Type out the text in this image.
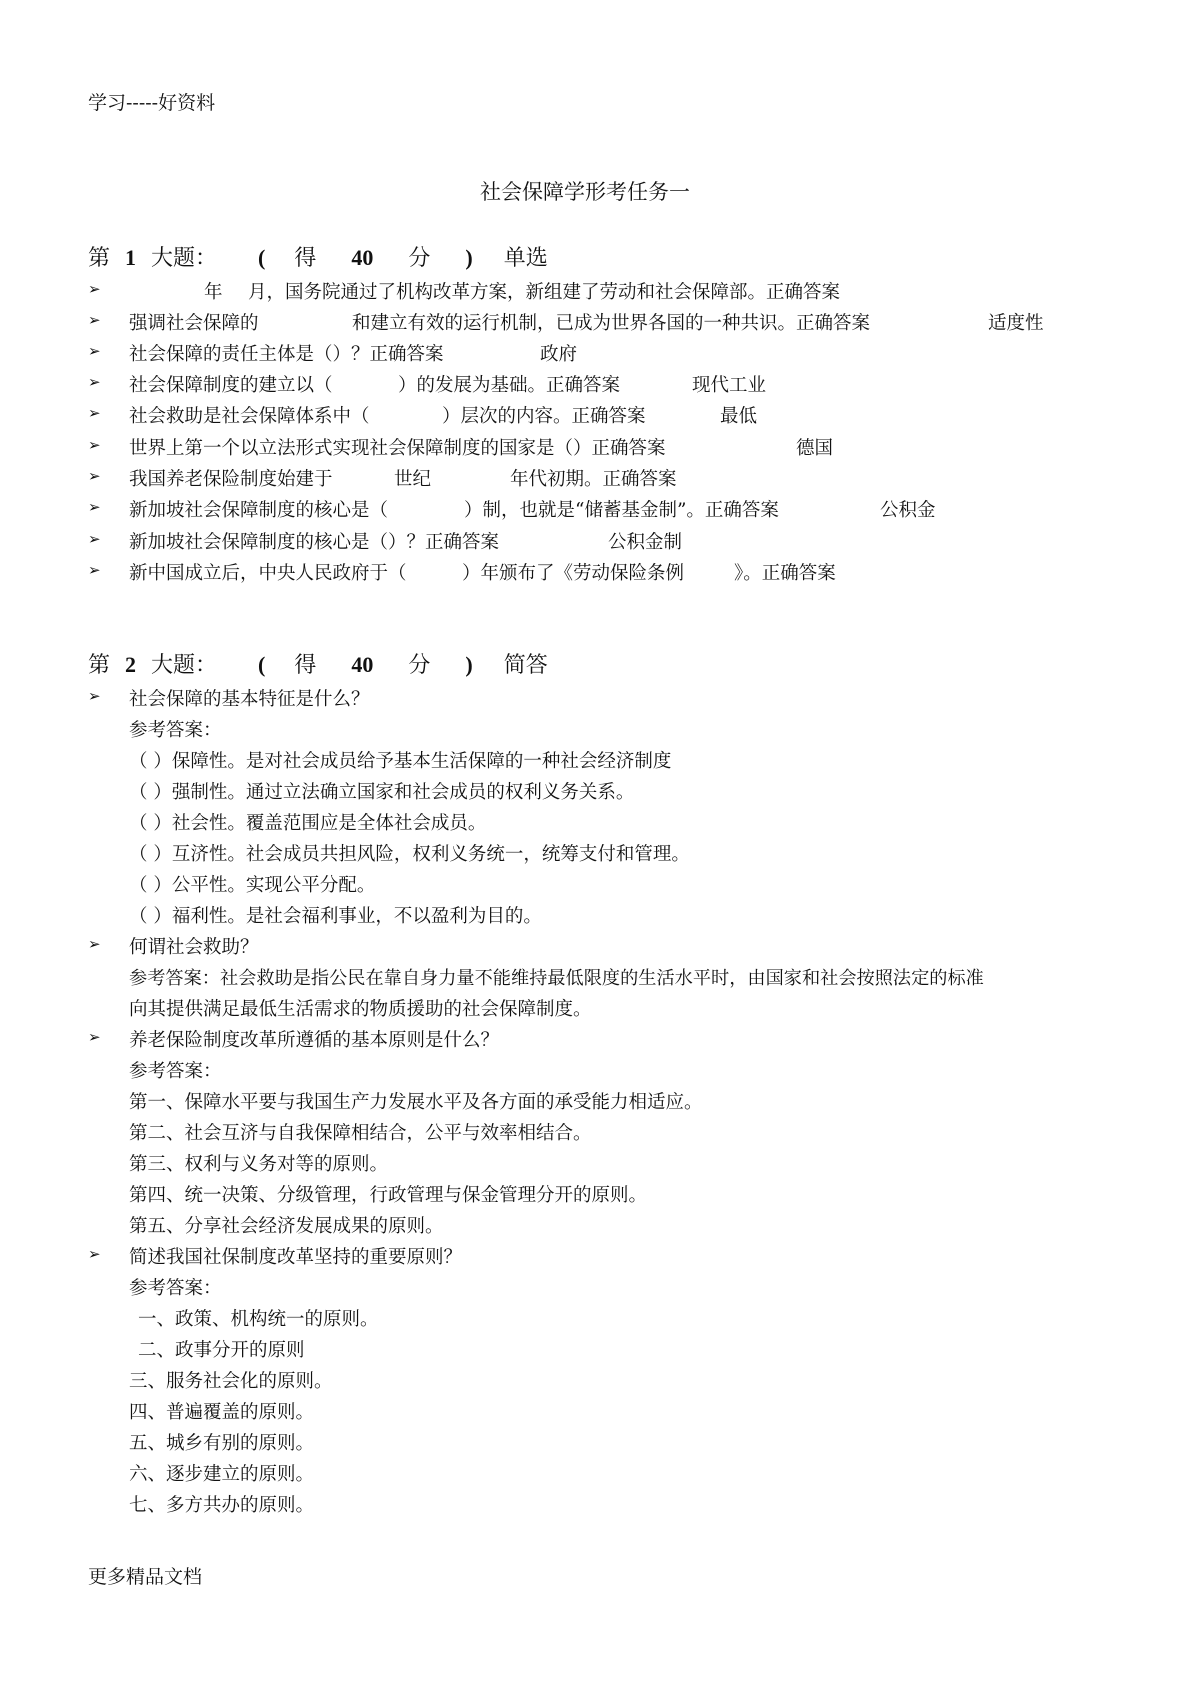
学习-----好资料
社会保障学形考任务一
第 1 大题： ( 得 40 分 ) 单选
➢	年 月，国务院通过了机构改革方案，新组建了劳动和社会保障部。正确答案
➢ 强调社会保障的	和建立有效的运行机制，已成为世界各国的一种共识。正确答案	适度性
➢ 社会保障的责任主体是（）？正确答案	政府
➢ 社会保障制度的建立以（	）的发展为基础。正确答案	现代工业
➢ 社会救助是社会保障体系中（	）层次的内容。正确答案	最低
➢ 世界上第一个以立法形式实现社会保障制度的国家是（）正确答案	德国
➢ 我国养老保险制度始建于	世纪	年代初期。正确答案
➢ 新加坡社会保障制度的核心是（	）制，也就是“储蓄基金制”。正确答案	公积金
➢ 新加坡社会保障制度的核心是（）？正确答案	公积金制
➢ 新中国成立后，中央人民政府于（	）年颁布了《劳动保险条例	》。正确答案
第 2 大题： ( 得 40 分 ) 简答
➢ 社会保障的基本特征是什么？
参考答案：
（ ）保障性。是对社会成员给予基本生活保障的一种社会经济制度
（ ）强制性。通过立法确立国家和社会成员的权利义务关系。
（ ）社会性。覆盖范围应是全体社会成员。
（ ）互济性。社会成员共担风险，权利义务统一，统筹支付和管理。
（ ）公平性。实现公平分配。
（ ）福利性。是社会福利事业，不以盈利为目的。
➢ 何谓社会救助？
参考答案：社会救助是指公民在靠自身力量不能维持最低限度的生活水平时，由国家和社会按照法定的标准
向其提供满足最低生活需求的物质援助的社会保障制度。
➢ 养老保险制度改革所遵循的基本原则是什么？
参考答案：
第一、保障水平要与我国生产力发展水平及各方面的承受能力相适应。
第二、社会互济与自我保障相结合，公平与效率相结合。
第三、权利与义务对等的原则。
第四、统一决策、分级管理，行政管理与保金管理分开的原则。
第五、分享社会经济发展成果的原则。
➢ 简述我国社保制度改革坚持的重要原则？
参考答案：
一、政策、机构统一的原则。
二、政事分开的原则
三、服务社会化的原则。
四、普遍覆盖的原则。
五、城乡有别的原则。
六、逐步建立的原则。
七、多方共办的原则。
更多精品文档
